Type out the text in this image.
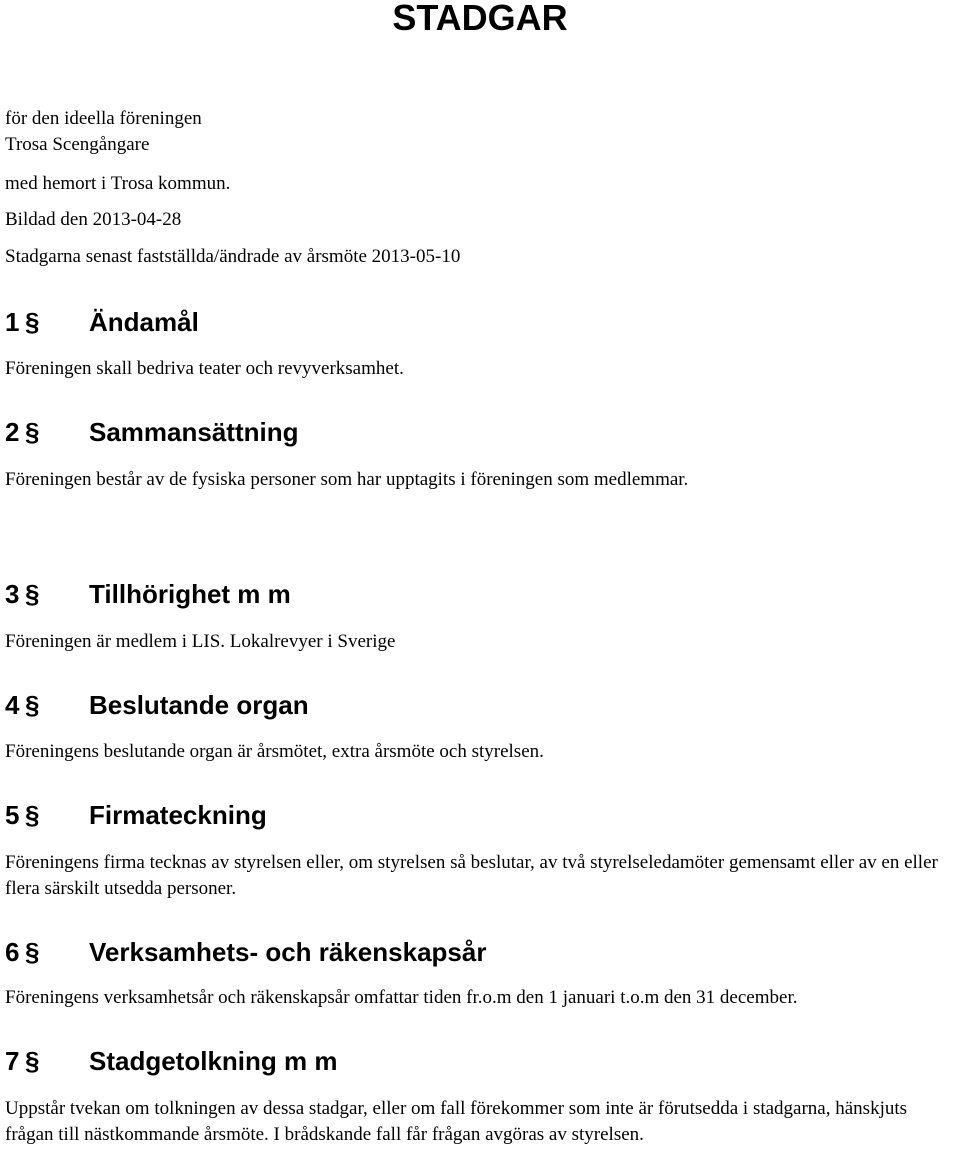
STADGAR
för den ideella föreningen
Trosa Scengångare
med hemort i Trosa kommun.
Bildad den 2013-04-28
Stadgarna senast fastställda/ändrade av årsmöte 2013-05-10
1 § Ändamål
Föreningen skall bedriva teater och revyverksamhet.
2 § Sammansättning
Föreningen består av de fysiska personer som har upptagits i föreningen som medlemmar.
3 § Tillhörighet m m
Föreningen är medlem i LIS. Lokalrevyer i Sverige
4 § Beslutande organ
Föreningens beslutande organ är årsmötet, extra årsmöte och styrelsen.
5 § Firmateckning
Föreningens firma tecknas av styrelsen eller, om styrelsen så beslutar, av två styrelseledamöter gemensamt eller av en eller flera särskilt utsedda personer.
6 § Verksamhets- och räkenskapsår
Föreningens verksamhetsår och räkenskapsår omfattar tiden fr.o.m den 1 januari t.o.m den 31 december.
7 § Stadgetolkning m m
Uppstår tvekan om tolkningen av dessa stadgar, eller om fall förekommer som inte är förutsedda i stadgarna, hänskjuts frågan till nästkommande årsmöte. I brådskande fall får frågan avgöras av styrelsen.
